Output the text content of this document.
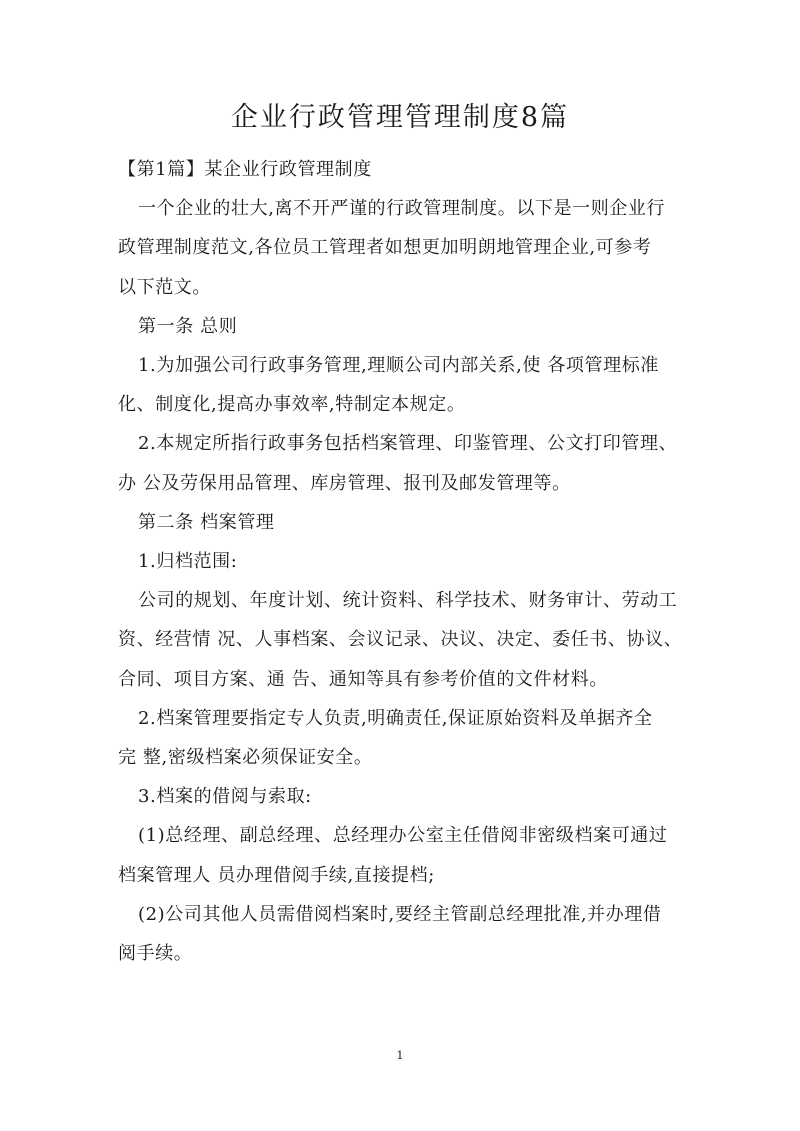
企业行政管理管理制度8篇

【第1篇】某企业行政管理制度

一个企业的壮大,离不开严谨的行政管理制度。以下是一则企业行

政管理制度范文,各位员工管理者如想更加明朗地管理企业,可参考

以下范文。

第一条 总则

1.为加强公司行政事务管理,理顺公司内部关系,使 各项管理标准

化、制度化,提高办事效率,特制定本规定。

2.本规定所指行政事务包括档案管理、印鉴管理、公文打印管理、

办 公及劳保用品管理、库房管理、报刊及邮发管理等。

第二条 档案管理

1.归档范围:

公司的规划、年度计划、统计资料、科学技术、财务审计、劳动工

资、经营情 况、人事档案、会议记录、决议、决定、委任书、协议、

合同、项目方案、通 告、通知等具有参考价值的文件材料。

2.档案管理要指定专人负责,明确责任,保证原始资料及单据齐全

完 整,密级档案必须保证安全。

3.档案的借阅与索取:

(1)总经理、副总经理、总经理办公室主任借阅非密级档案可通过

档案管理人 员办理借阅手续,直接提档;

(2)公司其他人员需借阅档案时,要经主管副总经理批准,并办理借

阅手续。

1
